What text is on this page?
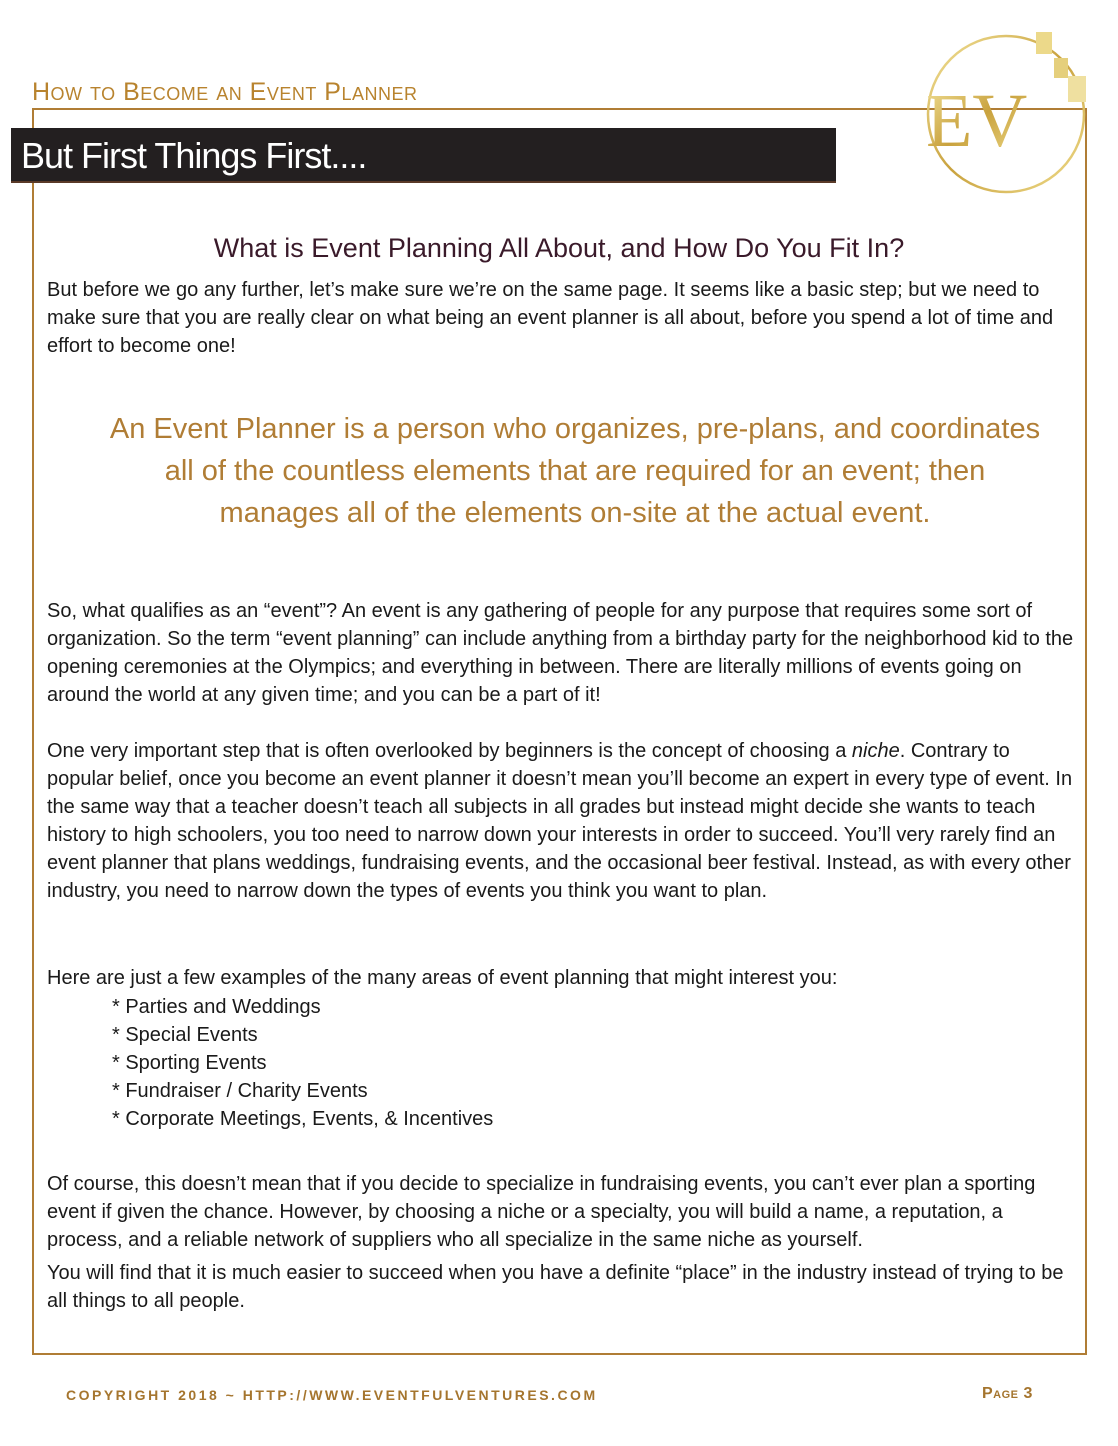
How to Become an Event Planner
But First Things First....	EV
What is Event Planning All About, and How Do You Fit In?
But before we go any further, let’s make sure we’re on the same page. It seems like a basic step; but we need to make sure that you are really clear on what being an event planner is all about, before you spend a lot of time and effort to become one!
An Event Planner is a person who organizes, pre-plans, and coordinates
all of the countless elements that are required for an event; then
manages all of the elements on-site at the actual event.
So, what qualifies as an “event”? An event is any gathering of people for any purpose that requires some sort of organization. So the term “event planning” can include anything from a birthday party for the neighborhood kid to the opening ceremonies at the Olympics; and everything in between. There are literally millions of events going on around the world at any given time; and you can be a part of it!
One very important step that is often overlooked by beginners is the concept of choosing a niche. Contrary to popular belief, once you become an event planner it doesn’t mean you’ll become an expert in every type of event. In the same way that a teacher doesn’t teach all subjects in all grades but instead might decide she wants to teach history to high schoolers, you too need to narrow down your interests in order to succeed. You’ll very rarely find an event planner that plans weddings, fundraising events, and the occasional beer festival. Instead, as with every other industry, you need to narrow down the types of events you think you want to plan.
Here are just a few examples of the many areas of event planning that might interest you:
* Parties and Weddings
* Special Events
* Sporting Events
* Fundraiser / Charity Events
* Corporate Meetings, Events, & Incentives
Of course, this doesn’t mean that if you decide to specialize in fundraising events, you can’t ever plan a sporting event if given the chance. However, by choosing a niche or a specialty, you will build a name, a reputation, a process, and a reliable network of suppliers who all specialize in the same niche as yourself.
You will find that it is much easier to succeed when you have a definite “place” in the industry instead of trying to be all things to all people.
COPYRIGHT 2018 ~ HTTP://WWW.EVENTFULVENTURES.COM	Page 3
